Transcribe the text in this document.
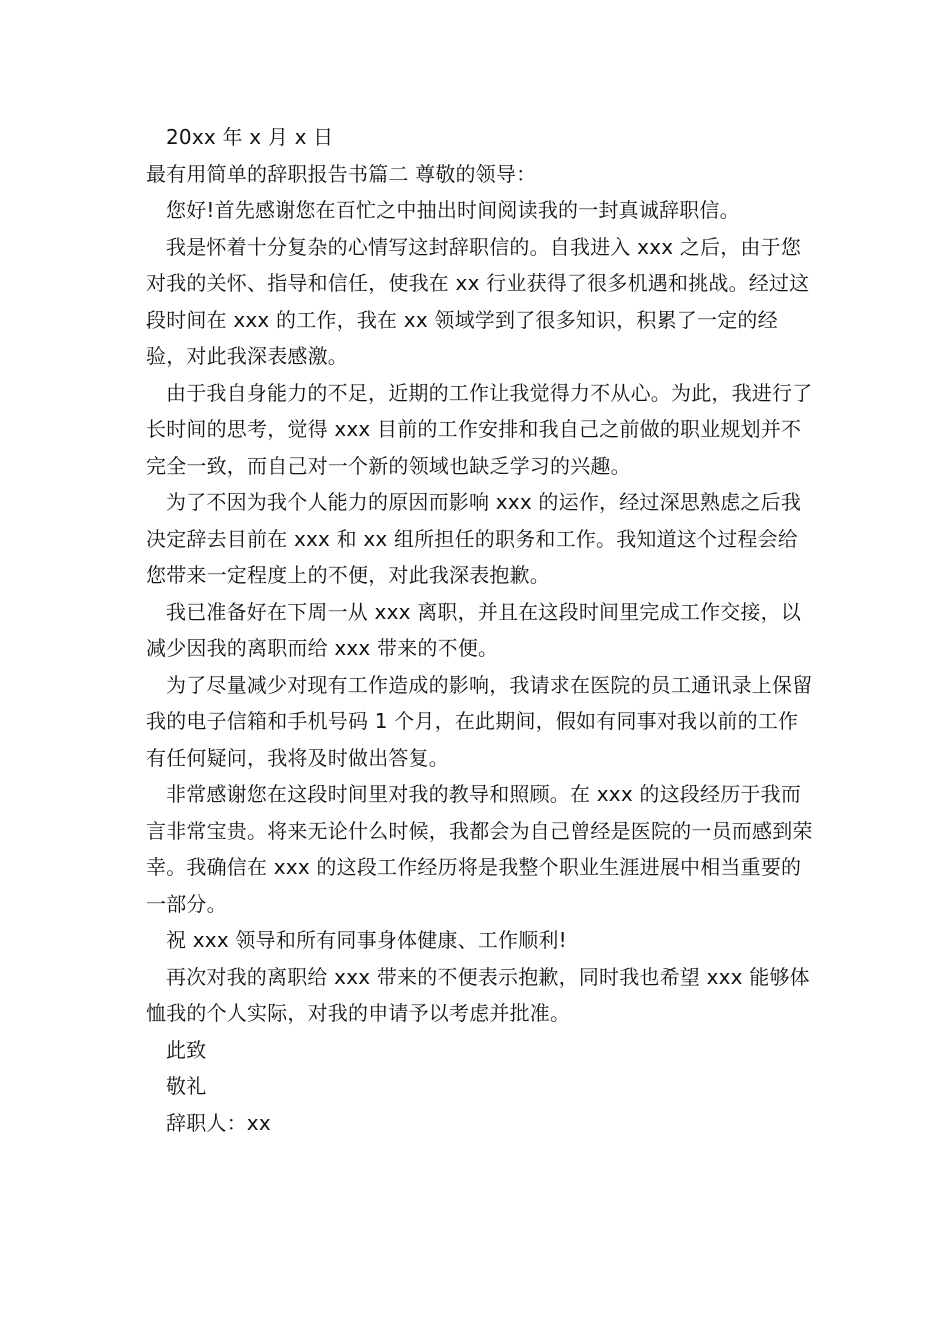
20xx 年 x 月 x 日

最有用简单的辞职报告书篇二 尊敬的领导：

您好!首先感谢您在百忙之中抽出时间阅读我的一封真诚辞职信。

我是怀着十分复杂的心情写这封辞职信的。自我进入 xxx 之后，由于您对我的关怀、指导和信任，使我在 xx 行业获得了很多机遇和挑战。经过这段时间在 xxx 的工作，我在 xx 领域学到了很多知识，积累了一定的经验，对此我深表感激。

由于我自身能力的不足，近期的工作让我觉得力不从心。为此，我进行了长时间的思考，觉得 xxx 目前的工作安排和我自己之前做的职业规划并不完全一致，而自己对一个新的领域也缺乏学习的兴趣。

为了不因为我个人能力的原因而影响 xxx 的运作，经过深思熟虑之后我决定辞去目前在 xxx 和 xx 组所担任的职务和工作。我知道这个过程会给您带来一定程度上的不便，对此我深表抱歉。

我已准备好在下周一从 xxx 离职，并且在这段时间里完成工作交接，以减少因我的离职而给 xxx 带来的不便。

为了尽量减少对现有工作造成的影响，我请求在医院的员工通讯录上保留我的电子信箱和手机号码 1 个月，在此期间，假如有同事对我以前的工作有任何疑问，我将及时做出答复。

非常感谢您在这段时间里对我的教导和照顾。在 xxx 的这段经历于我而言非常宝贵。将来无论什么时候，我都会为自己曾经是医院的一员而感到荣幸。我确信在 xxx 的这段工作经历将是我整个职业生涯进展中相当重要的一部分。

祝 xxx 领导和所有同事身体健康、工作顺利!

再次对我的离职给 xxx 带来的不便表示抱歉，同时我也希望 xxx 能够体恤我的个人实际，对我的申请予以考虑并批准。

此致

敬礼

辞职人：xx
